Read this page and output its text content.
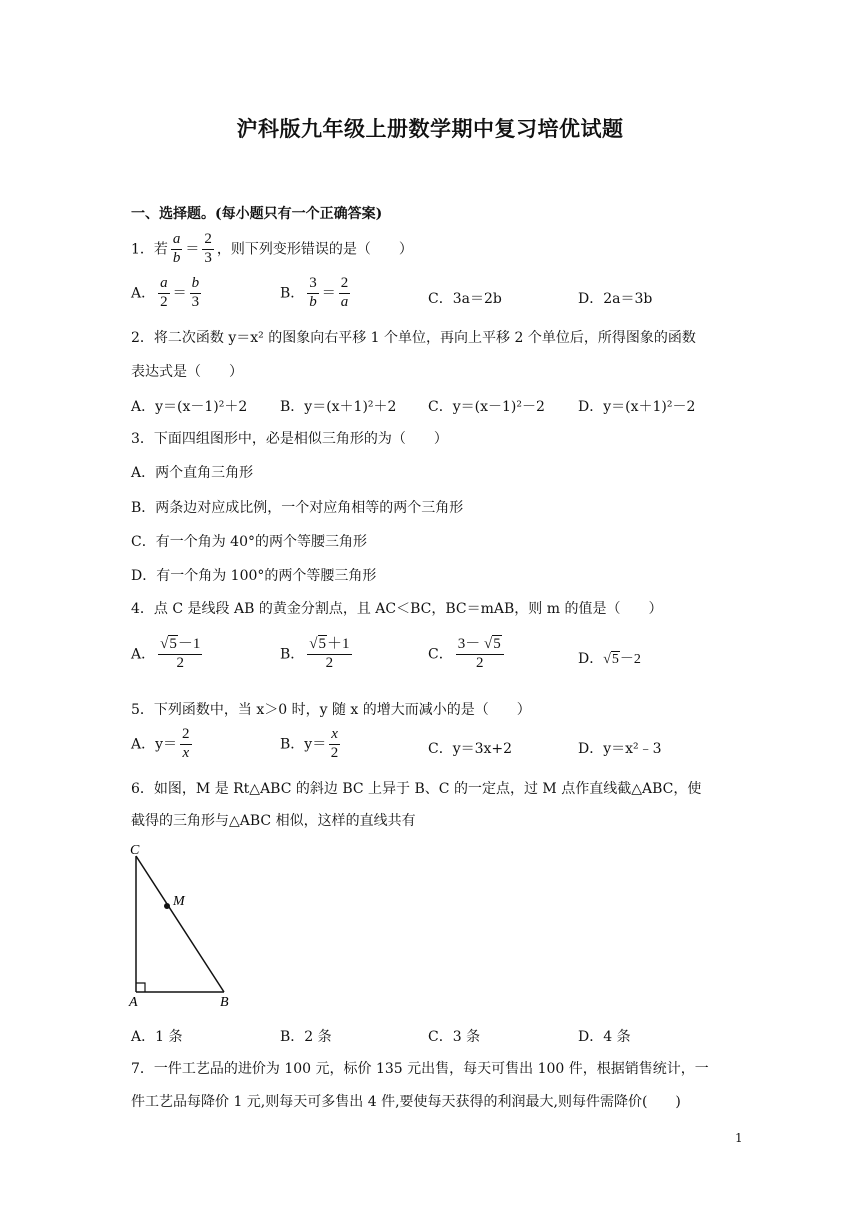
沪科版九年级上册数学期中复习培优试题
一、选择题。(每小题只有一个正确答案)
1．若 $\frac{a}{b} = \frac{2}{3}$ ，则下列变形错误的是（　　）
A． $\frac{a}{2} = \frac{b}{3}$	B． $\frac{3}{b} = \frac{2}{a}$	C．3a＝2b	D．2a＝3b
2．将二次函数 y＝x² 的图象向右平移 1 个单位，再向上平移 2 个单位后，所得图象的函数
表达式是（　　）
A．y＝(x－1)²＋2 B．y＝(x＋1)²＋2 C．y＝(x－1)²－2 D．y＝(x＋1)²－2
3．下面四组图形中，必是相似三角形的为（　　）
A．两个直角三角形
B．两条边对应成比例，一个对应角相等的两个三角形
C．有一个角为 40°的两个等腰三角形
D．有一个角为 100°的两个等腰三角形
4．点 C 是线段 AB 的黄金分割点，且 AC＜BC，BC＝mAB，则 m 的值是（　　）
A． $\frac{√5-1}{2}$	B． $\frac{√5+1}{2}$	C． $\frac{3- √5}{2}$	D．√5－2
5．下列函数中，当 x＞0 时，y 随 x 的增大而减小的是（　　）
A．$y= \frac{2}{x}$	B．$y= \frac{x}{2}$	C．y＝3x+2	D．y＝x²﹣3
6．如图，M 是 Rt△ABC 的斜边 BC 上异于 B、C 的一定点，过 M 点作直线截△ABC，使
截得的三角形与△ABC 相似，这样的直线共有
C
M
A	B
A．1 条	B．2 条	C．3 条	D．4 条
7．一件工艺品的进价为 100 元，标价 135 元出售，每天可售出 100 件，根据销售统计，一
件工艺品每降价 1 元,则每天可多售出 4 件,要使每天获得的利润最大,则每件需降价(　　)
1
